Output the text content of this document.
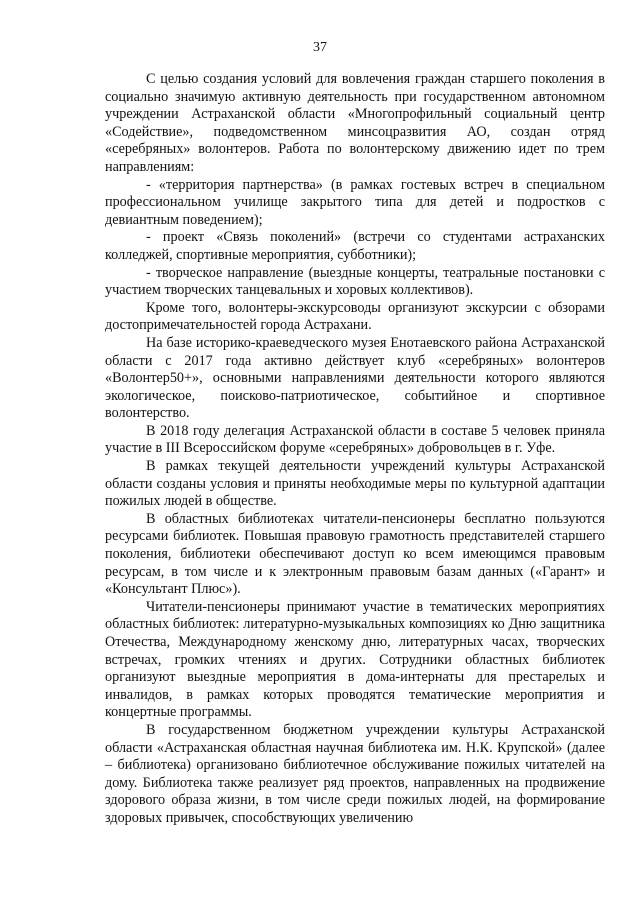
37

С целью создания условий для вовлечения граждан старшего поколения в социально значимую активную деятельность при государственном автономном учреждении Астраханской области «Многопрофильный социальный центр «Содействие», подведомственном минсоцразвития АО, создан отряд «серебряных» волонтеров. Работа по волонтерскому движению идет по трем направлениям:

- «территория партнерства» (в рамках гостевых встреч в специальном профессиональном училище закрытого типа для детей и подростков с девиантным поведением);

- проект «Связь поколений» (встречи со студентами астраханских колледжей, спортивные мероприятия, субботники);

- творческое направление (выездные концерты, театральные постановки с участием творческих танцевальных и хоровых коллективов).

Кроме того, волонтеры-экскурсоводы организуют экскурсии с обзорами достопримечательностей города Астрахани.

На базе историко-краеведческого музея Енотаевского района Астраханской области с 2017 года активно действует клуб «серебряных» волонтеров «Волонтер50+», основными направлениями деятельности которого являются экологическое, поисково-патриотическое, событийное и спортивное волонтерство.

В 2018 году делегация Астраханской области в составе 5 человек приняла участие в III Всероссийском форуме «серебряных» добровольцев в г. Уфе.

В рамках текущей деятельности учреждений культуры Астраханской области созданы условия и приняты необходимые меры по культурной адаптации пожилых людей в обществе.

В областных библиотеках читатели-пенсионеры бесплатно пользуются ресурсами библиотек. Повышая правовую грамотность представителей старшего поколения, библиотеки обеспечивают доступ ко всем имеющимся правовым ресурсам, в том числе и к электронным правовым базам данных («Гарант» и «Консультант Плюс»).

Читатели-пенсионеры принимают участие в тематических мероприятиях областных библиотек: литературно-музыкальных композициях ко Дню защитника Отечества, Международному женскому дню, литературных часах, творческих встречах, громких чтениях и других. Сотрудники областных библиотек организуют выездные мероприятия в дома-интернаты для престарелых и инвалидов, в рамках которых проводятся тематические мероприятия и концертные программы.

В государственном бюджетном учреждении культуры Астраханской области «Астраханская областная научная библиотека им. Н.К. Крупской» (далее – библиотека) организовано библиотечное обслуживание пожилых читателей на дому. Библиотека также реализует ряд проектов, направленных на продвижение здорового образа жизни, в том числе среди пожилых людей, на формирование здоровых привычек, способствующих увеличению
